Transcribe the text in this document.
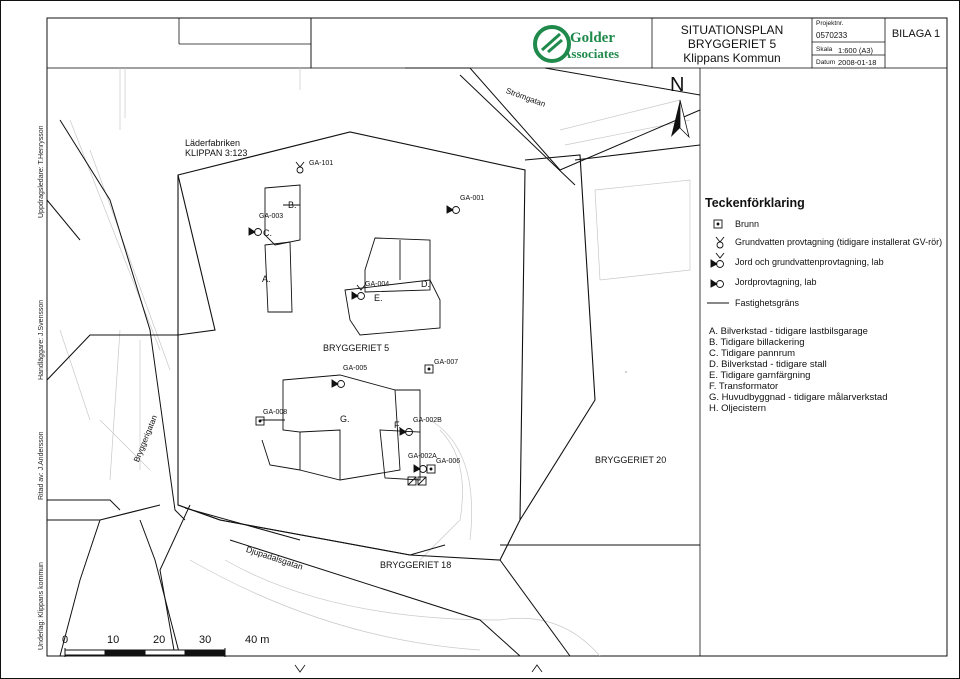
Golder
Associates
SITUATIONSPLAN
BRYGGERIET 5
Klippans Kommun
Projektnr.
0570233
Skala 1:600 (A3)
Datum 2008-01-18
BILAGA 1
N
Uppdragsledare: T.Henrysson
Handläggare: J.Svensson
Ritad av: J.Andersson
Underlag: Klippans kommun
Läderfabriken
KLIPPAN 3:123
Strömgatan
Bryggerigatan
Djupadalsgatan
BRYGGERIET 5
BRYGGERIET 20
BRYGGERIET 18
A.
B.
C.
D.
E.
F.
G.
GA-101
GA-001
GA-003
GA-004
GA-005
GA-007
GA-008
GA-002B
GA-002A
GA-006
Teckenförklaring
Brunn
Grundvatten provtagning (tidigare installerat GV-rör)
Jord och grundvattenprovtagning, lab
Jordprovtagning, lab
Fastighetsgräns
A. Bilverkstad - tidigare lastbilsgarage
B. Tidigare billackering
C. Tidigare pannrum
D. Bilverkstad - tidigare stall
E. Tidigare garnfärgning
F. Transformator
G. Huvudbyggnad - tidigare målarverkstad
H. Oljecistern
0	10	20	30	40 m
